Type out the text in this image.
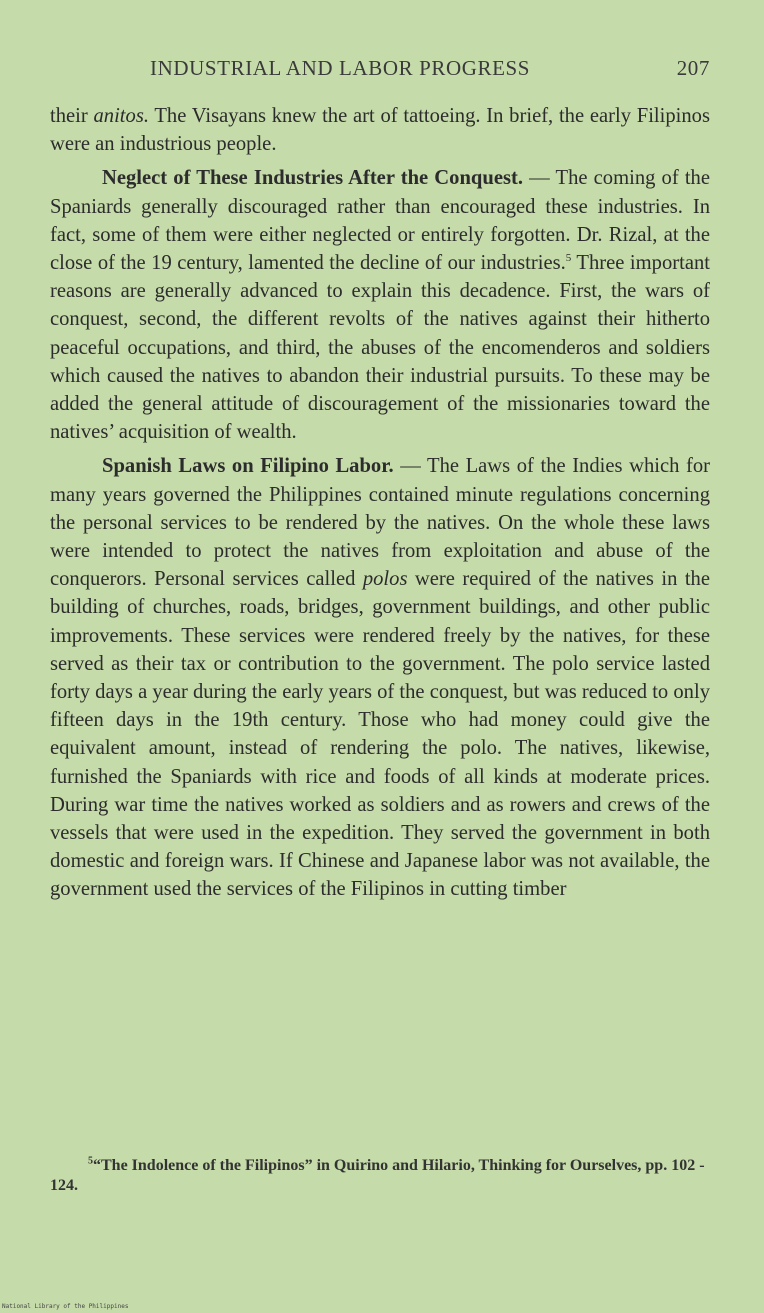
INDUSTRIAL AND LABOR PROGRESS	207

their anitos. The Visayans knew the art of tattoeing. In brief, the early Filipinos were an industrious people.

Neglect of These Industries After the Conquest. — The coming of the Spaniards generally discouraged rather than encouraged these industries. In fact, some of them were either neglected or entirely forgotten. Dr. Rizal, at the close of the 19 century, lamented the decline of our industries.$^5$ Three important reasons are generally advanced to explain this decadence. First, the wars of conquest, second, the different revolts of the natives against their hitherto peaceful occupations, and third, the abuses of the encomenderos and soldiers which caused the natives to abandon their industrial pursuits. To these may be added the general attitude of discouragement of the missionaries toward the natives’ acquisition of wealth.

Spanish Laws on Filipino Labor. — The Laws of the Indies which for many years governed the Philippines contained minute regulations concerning the personal services to be rendered by the natives. On the whole these laws were intended to protect the natives from exploitation and abuse of the conquerors. Personal services called polos were required of the natives in the building of churches, roads, bridges, government buildings, and other public improvements. These services were rendered freely by the natives, for these served as their tax or contribution to the government. The polo service lasted forty days a year during the early years of the conquest, but was reduced to only fifteen days in the 19th century. Those who had money could give the equivalent amount, instead of rendering the polo. The natives, likewise, furnished the Spaniards with rice and foods of all kinds at moderate prices. During war time the natives worked as soldiers and as rowers and crews of the vessels that were used in the expedition. They served the government in both domestic and foreign wars. If Chinese and Japanese labor was not available, the government used the services of the Filipinos in cutting timber

$^5$“The Indolence of the Filipinos” in Quirino and Hilario, Thinking for Ourselves, pp. 102 - 124.
National Library of the Philippines
